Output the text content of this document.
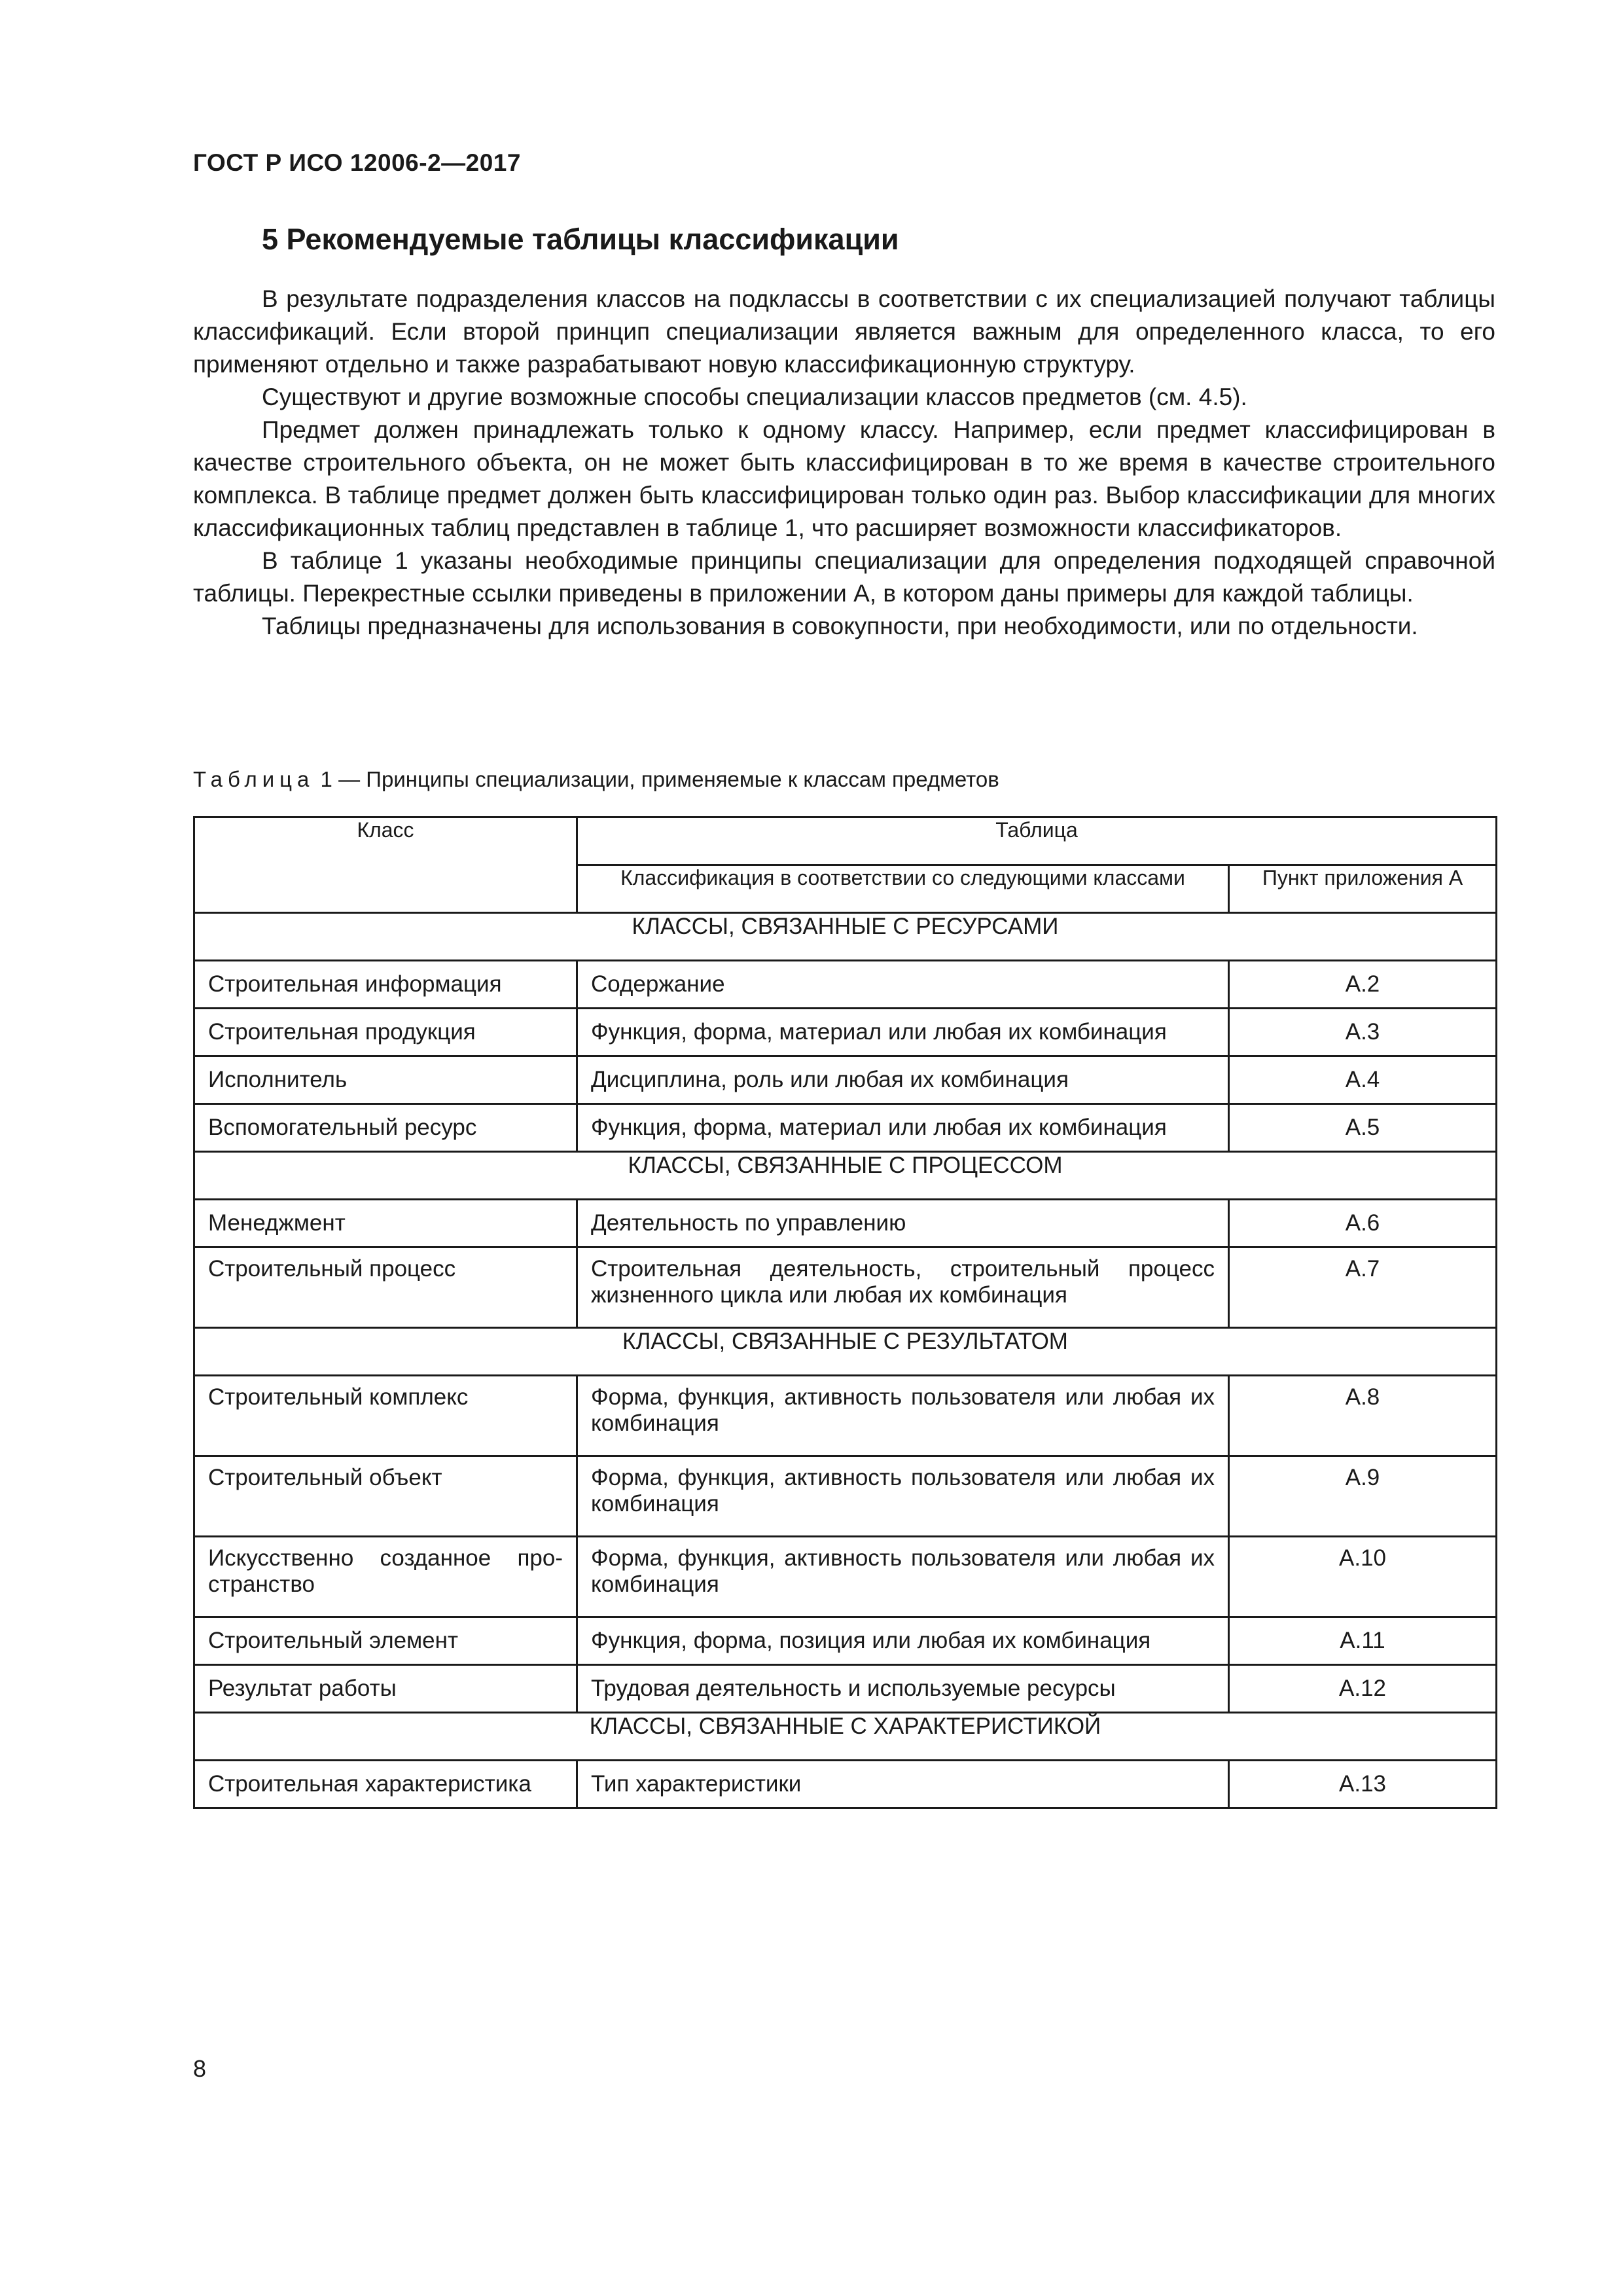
ГОСТ Р ИСО 12006-2—2017
5 Рекомендуемые таблицы классификации

В результате подразделения классов на подклассы в соответствии с их специализацией получают таблицы классификаций. Если второй принцип специализации является важным для определенного класса, то его применяют отдельно и также разрабатывают новую классификационную структуру.

Существуют и другие возможные способы специализации классов предметов (см. 4.5).

Предмет должен принадлежать только к одному классу. Например, если предмет классифицирован в качестве строительного объекта, он не может быть классифицирован в то же время в качестве строительного комплекса. В таблице предмет должен быть классифицирован только один раз. Выбор классификации для многих классификационных таблиц представлен в таблице 1, что расширяет возможности классификаторов.

В таблице 1 указаны необходимые принципы специализации для определения подходящей справочной таблицы. Перекрестные ссылки приведены в приложении А, в котором даны примеры для каждой таблицы.

Таблицы предназначены для использования в совокупности, при необходимости, или по отдельности.

Таблица 1 — Принципы специализации, применяемые к классам предметов
Класс	Таблица	
	Классификация в соответствии со следующими классами	Пункт приложения А
КЛАССЫ, СВЯЗАННЫЕ С РЕСУРСАМИ		
Строительная информация	Содержание	A.2
Строительная продукция	Функция, форма, материал или любая их комбинация	A.3
Исполнитель	Дисциплина, роль или любая их комбинация	A.4
Вспомогательный ресурс	Функция, форма, материал или любая их комбинация	A.5
КЛАССЫ, СВЯЗАННЫЕ С ПРОЦЕССОМ		
Менеджмент	Деятельность по управлению	A.6
Строительный процесс	Строительная деятельность, строительный процесс жизненного цикла или любая их комбинация	A.7
КЛАССЫ, СВЯЗАННЫЕ С РЕЗУЛЬТАТОМ		
Строительный комплекс	Форма, функция, активность пользователя или любая их комбинация	A.8
Строительный объект	Форма, функция, активность пользователя или любая их комбинация	A.9
Искусственно созданное пространство	Форма, функция, активность пользователя или любая их комбинация	A.10
Строительный элемент	Функция, форма, позиция или любая их комбинация	A.11
Результат работы	Трудовая деятельность и используемые ресурсы	A.12
КЛАССЫ, СВЯЗАННЫЕ С ХАРАКТЕРИСТИКОЙ		
Строительная характеристика	Тип характеристики	A.13
8
